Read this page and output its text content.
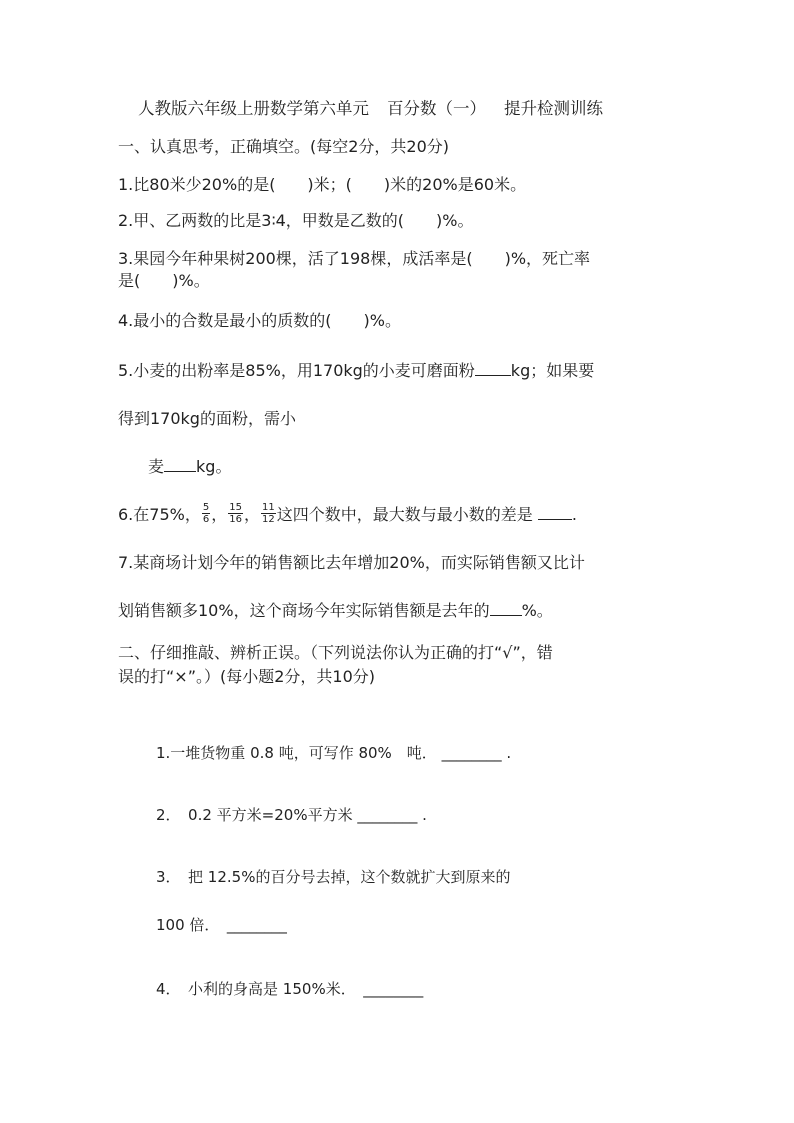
人教版六年级上册数学第六单元 百分数（一） 提升检测训练
一、认真思考，正确填空。(每空2分，共20分)
1.比80米少20%的是(　　)米；(　　)米的20%是60米。
2.甲、乙两数的比是3∶4，甲数是乙数的(　　)%。
3.果园今年种果树200棵，活了198棵，成活率是(　　)%，死亡率
是(　　)%。
4.最小的合数是最小的质数的(　　)%。
5.小麦的出粉率是85%，用170kg的小麦可磨面粉 kg；如果要
得到170kg的面粉，需小
麦 kg。
6.在75%， $\frac{5}{6}$ ， $\frac{15}{16}$ ， $\frac{11}{12}$ 这四个数中，最大数与最小数的差是 .
7.某商场计划今年的销售额比去年增加20%，而实际销售额又比计
划销售额多10%，这个商场今年实际销售额是去年的 %。
二、仔细推敲、辨析正误。（下列说法你认为正确的打“√”，错
误的打“×”。）(每小题2分，共10分)
1.一堆货物重 0.8 吨，可写作 80%　吨． ________ .
2．　0.2 平方米=20%平方米 ________ .
3．　把 12.5%的百分号去掉，这个数就扩大到原来的
100 倍．　________
4．　小利的身高是 150%米．　________
